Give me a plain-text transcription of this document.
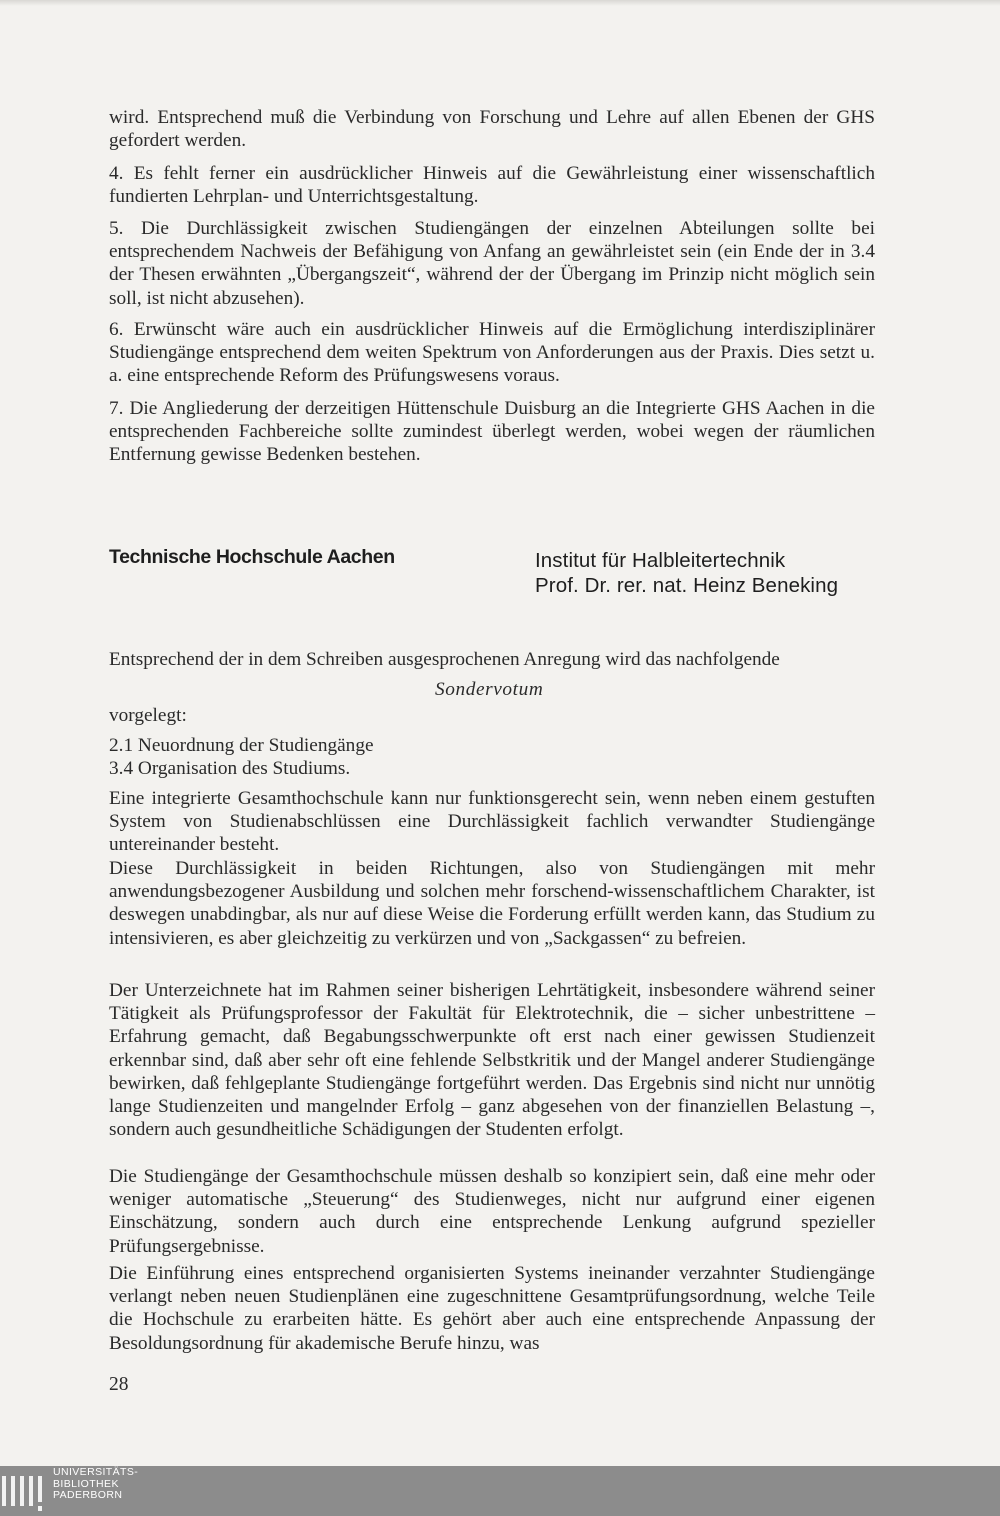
wird. Entsprechend muß die Verbindung von Forschung und Lehre auf allen Ebenen der GHS gefordert werden.

4. Es fehlt ferner ein ausdrücklicher Hinweis auf die Gewährleistung einer wissenschaftlich fundierten Lehrplan- und Unterrichtsgestaltung.

5. Die Durchlässigkeit zwischen Studiengängen der einzelnen Abteilungen sollte bei entsprechendem Nachweis der Befähigung von Anfang an gewährleistet sein (ein Ende der in 3.4 der Thesen erwähnten „Übergangszeit“, während der der Übergang im Prinzip nicht möglich sein soll, ist nicht abzusehen).

6. Erwünscht wäre auch ein ausdrücklicher Hinweis auf die Ermöglichung interdisziplinärer Studiengänge entsprechend dem weiten Spektrum von Anforderungen aus der Praxis. Dies setzt u. a. eine entsprechende Reform des Prüfungswesens voraus.

7. Die Angliederung der derzeitigen Hüttenschule Duisburg an die Integrierte GHS Aachen in die entsprechenden Fachbereiche sollte zumindest überlegt werden, wobei wegen der räumlichen Entfernung gewisse Bedenken bestehen.

Technische Hochschule Aachen	Institut für Halbleitertechnik
Prof. Dr. rer. nat. Heinz Beneking
Entsprechend der in dem Schreiben ausgesprochenen Anregung wird das nachfolgende
Sondervotum
vorgelegt:
2.1 Neuordnung der Studiengänge
3.4 Organisation des Studiums.

Eine integrierte Gesamthochschule kann nur funktionsgerecht sein, wenn neben einem gestuften System von Studienabschlüssen eine Durchlässigkeit fachlich verwandter Studiengänge untereinander besteht.

Diese Durchlässigkeit in beiden Richtungen, also von Studiengängen mit mehr anwendungsbezogener Ausbildung und solchen mehr forschend-wissenschaftlichem Charakter, ist deswegen unabdingbar, als nur auf diese Weise die Forderung erfüllt werden kann, das Studium zu intensivieren, es aber gleichzeitig zu verkürzen und von „Sackgassen“ zu befreien.

Der Unterzeichnete hat im Rahmen seiner bisherigen Lehrtätigkeit, insbesondere während seiner Tätigkeit als Prüfungsprofessor der Fakultät für Elektrotechnik, die – sicher unbestrittene – Erfahrung gemacht, daß Begabungsschwerpunkte oft erst nach einer gewissen Studienzeit erkennbar sind, daß aber sehr oft eine fehlende Selbstkritik und der Mangel anderer Studiengänge bewirken, daß fehlgeplante Studiengänge fortgeführt werden. Das Ergebnis sind nicht nur unnötig lange Studienzeiten und mangelnder Erfolg – ganz abgesehen von der finanziellen Belastung –, sondern auch gesundheitliche Schädigungen der Studenten erfolgt.

Die Studiengänge der Gesamthochschule müssen deshalb so konzipiert sein, daß eine mehr oder weniger automatische „Steuerung“ des Studienweges, nicht nur aufgrund einer eigenen Einschätzung, sondern auch durch eine entsprechende Lenkung aufgrund spezieller Prüfungsergebnisse.

Die Einführung eines entsprechend organisierten Systems ineinander verzahnter Studiengänge verlangt neben neuen Studienplänen eine zugeschnittene Gesamtprüfungsordnung, welche Teile die Hochschule zu erarbeiten hätte. Es gehört aber auch eine entsprechende Anpassung der Besoldungsordnung für akademische Berufe hinzu, was

28
UNIVERSITÄTS-
BIBLIOTHEK
PADERBORN
